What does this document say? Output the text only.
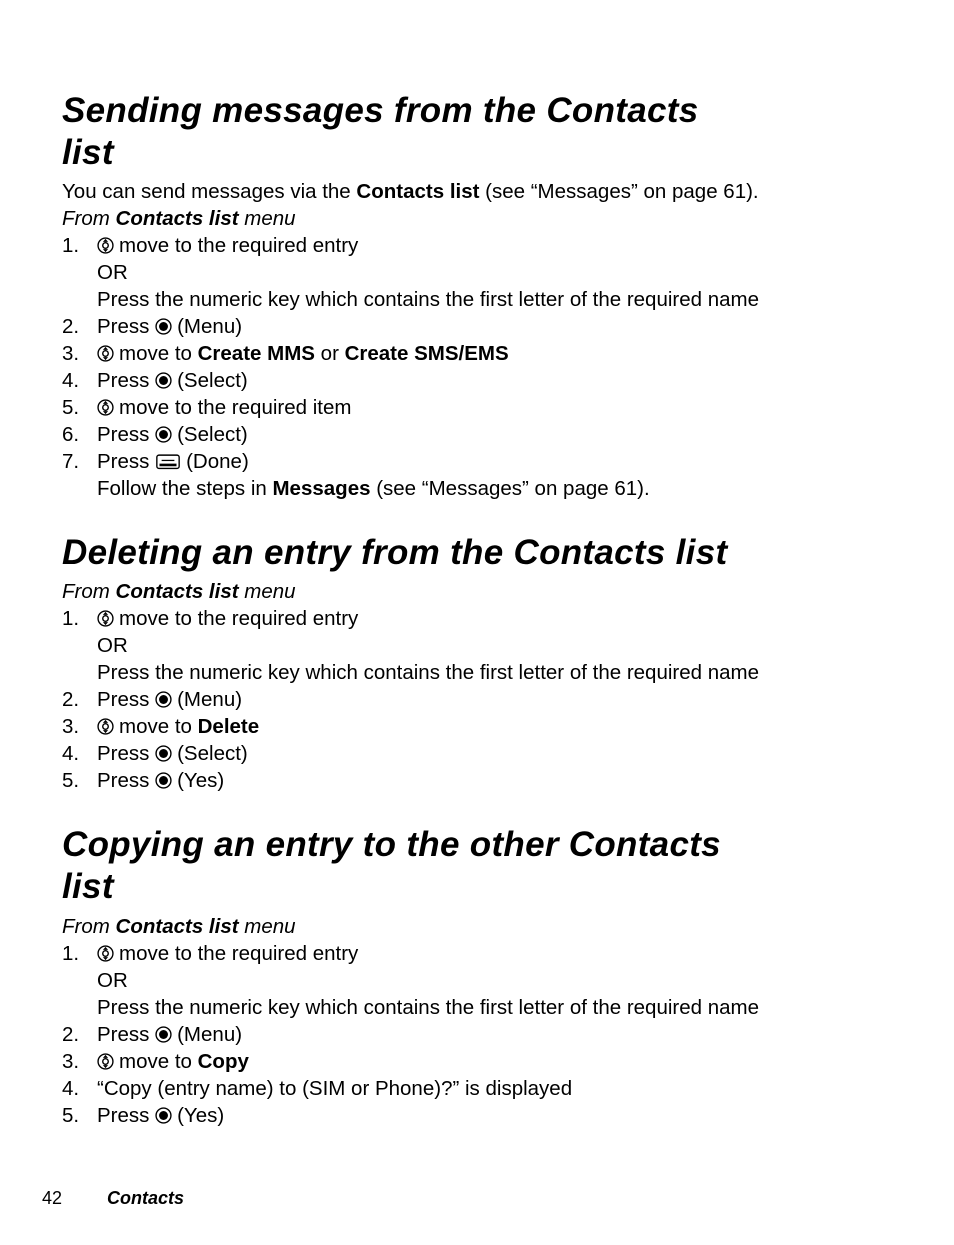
Sending messages from the Contacts
list

You can send messages via the Contacts list (see “Messages” on page 61).

From Contacts list menu

1. move to the required entry
OR
Press the numeric key which contains the first letter of the required name
2. Press
(Menu)
3. move to Create MMS or Create SMS/EMS
4. Press
(Select)
5. move to the required item
6. Press
(Select)
7. Press
(Done)
Follow the steps in Messages (see “Messages” on page 61).
Deleting an entry from the Contacts list

From Contacts list menu

1. move to the required entry
OR
Press the numeric key which contains the first letter of the required name
2. Press
(Menu)
3. move to Delete
4. Press
(Select)
5. Press
(Yes)
Copying an entry to the other Contacts
list

From Contacts list menu

1. move to the required entry
OR
Press the numeric key which contains the first letter of the required name
2. Press
(Menu)
3. move to Copy
4. “Copy (entry name) to (SIM or Phone)?” is displayed
5. Press
(Yes)
42 Contacts
